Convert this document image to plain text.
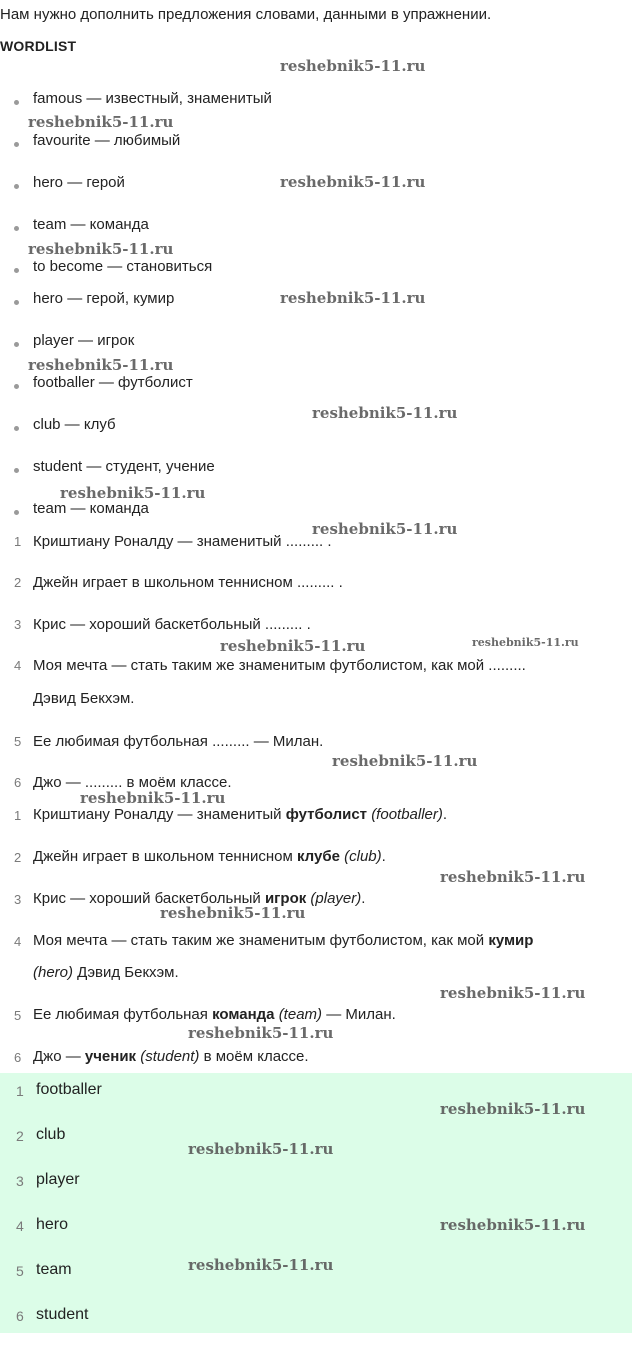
Нам нужно дополнить предложения словами, данными в упражнении.
WORDLIST
famous — известный, знаменитый
favourite — любимый
hero — герой
team — команда
to become — становиться
hero — герой, кумир
player — игрок
footballer — футболист
club — клуб
student — студент, учение
team — команда
1 Криштиану Роналду — знаменитый ......... .
2 Джейн играет в школьном теннисном ......... .
3 Крис — хороший баскетбольный ......... .
4 Моя мечта — стать таким же знаменитым футболистом, как мой .........
Дэвид Бекхэм.
5 Ее любимая футбольная ......... — Милан.
6 Джо — ......... в моём классе.
1 Криштиану Роналду — знаменитый футболист (footballer).
2 Джейн играет в школьном теннисном клубе (club).
3 Крис — хороший баскетбольный игрок (player).
4 Моя мечта — стать таким же знаменитым футболистом, как мой кумир
(hero) Дэвид Бекхэм.
5 Ее любимая футбольная команда (team) — Милан.
6 Джо — ученик (student) в моём классе.
1 footballer
2 club
3 player
4 hero
5 team
6 student
reshebnik5-11.ru
reshebnik5-11.ru
reshebnik5-11.ru
reshebnik5-11.ru
reshebnik5-11.ru
reshebnik5-11.ru
reshebnik5-11.ru
reshebnik5-11.ru
reshebnik5-11.ru
reshebnik5-11.ru	reshebnik5-11.ru
reshebnik5-11.ru
reshebnik5-11.ru
reshebnik5-11.ru
reshebnik5-11.ru
reshebnik5-11.ru
reshebnik5-11.ru
reshebnik5-11.ru
reshebnik5-11.ru
reshebnik5-11.ru
reshebnik5-11.ru
